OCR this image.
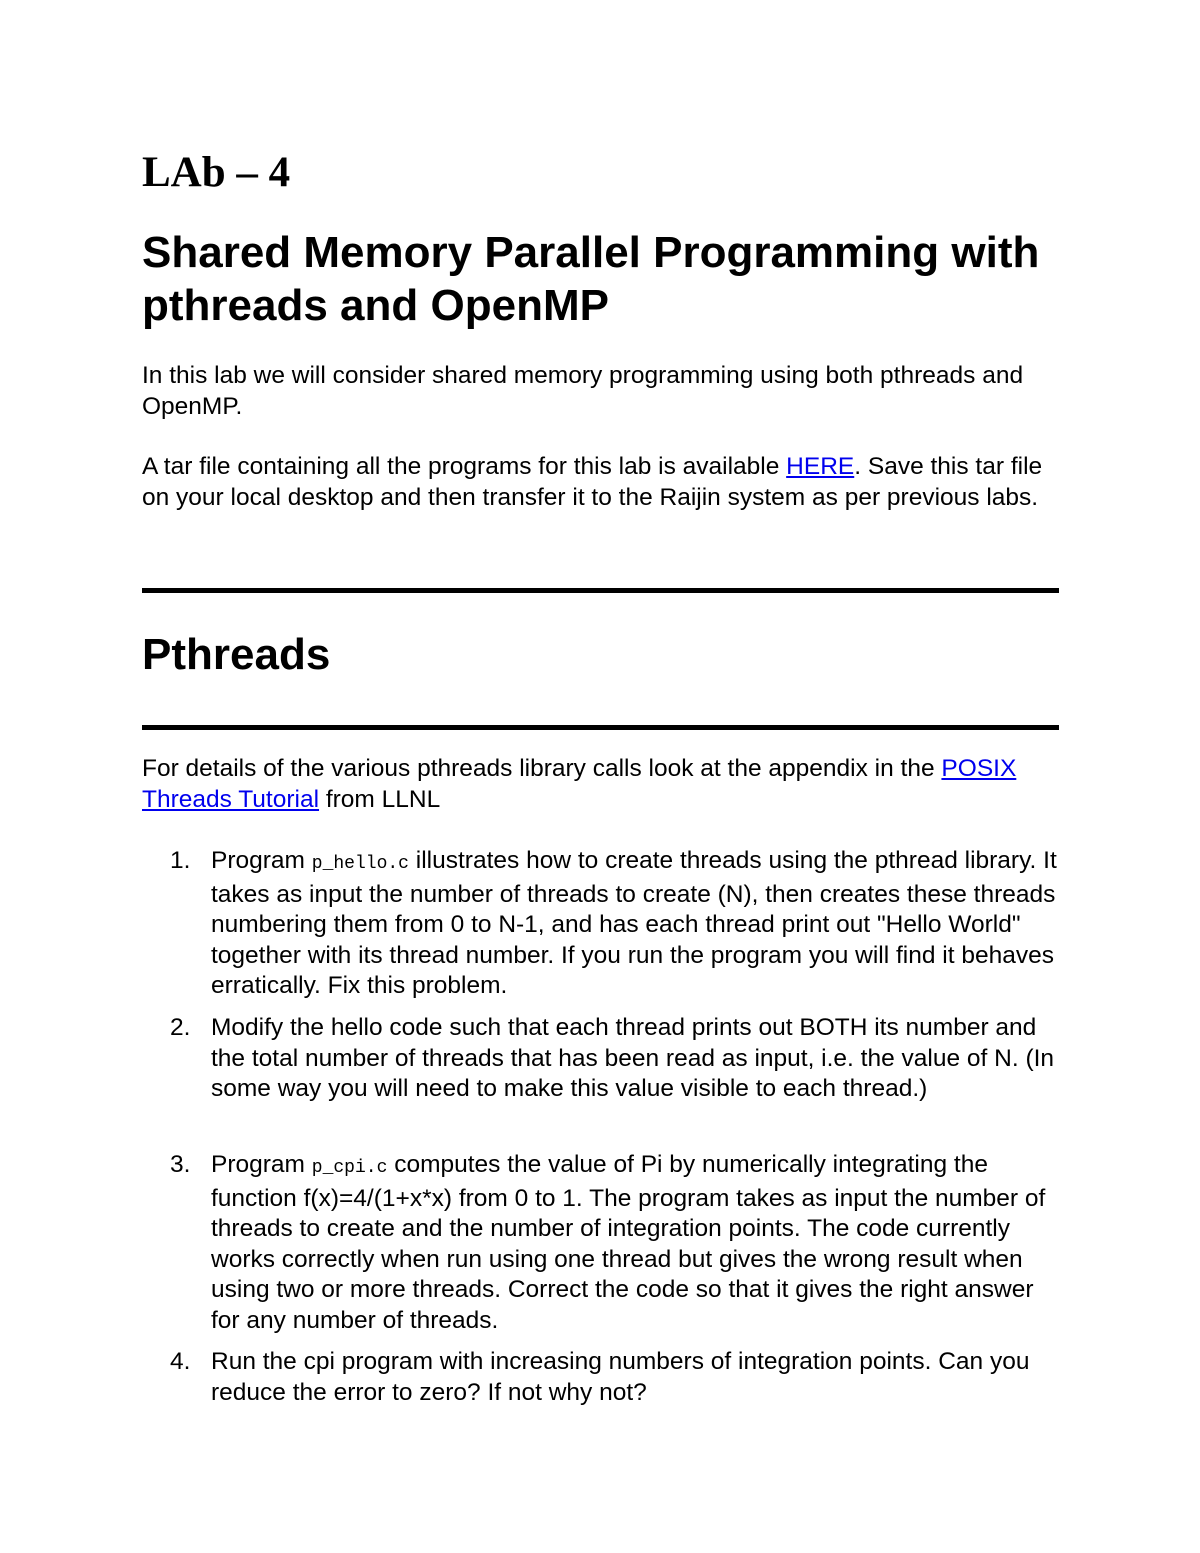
LAb – 4
Shared Memory Parallel Programming with pthreads and OpenMP

In this lab we will consider shared memory programming using both pthreads and OpenMP.

A tar file containing all the programs for this lab is available HERE. Save this tar file on your local desktop and then transfer it to the Raijin system as per previous labs.

Pthreads

For details of the various pthreads library calls look at the appendix in the POSIX Threads Tutorial from LLNL

1. Program p_hello.c illustrates how to create threads using the pthread library. It takes as input the number of threads to create (N), then creates these threads numbering them from 0 to N-1, and has each thread print out "Hello World" together with its thread number. If you run the program you will find it behaves erratically. Fix this problem.
2. Modify the hello code such that each thread prints out BOTH its number and the total number of threads that has been read as input, i.e. the value of N. (In some way you will need to make this value visible to each thread.)
3. Program p_cpi.c computes the value of Pi by numerically integrating the function f(x)=4/(1+x*x) from 0 to 1. The program takes as input the number of threads to create and the number of integration points. The code currently works correctly when run using one thread but gives the wrong result when using two or more threads. Correct the code so that it gives the right answer for any number of threads.
4. Run the cpi program with increasing numbers of integration points. Can you reduce the error to zero? If not why not?
